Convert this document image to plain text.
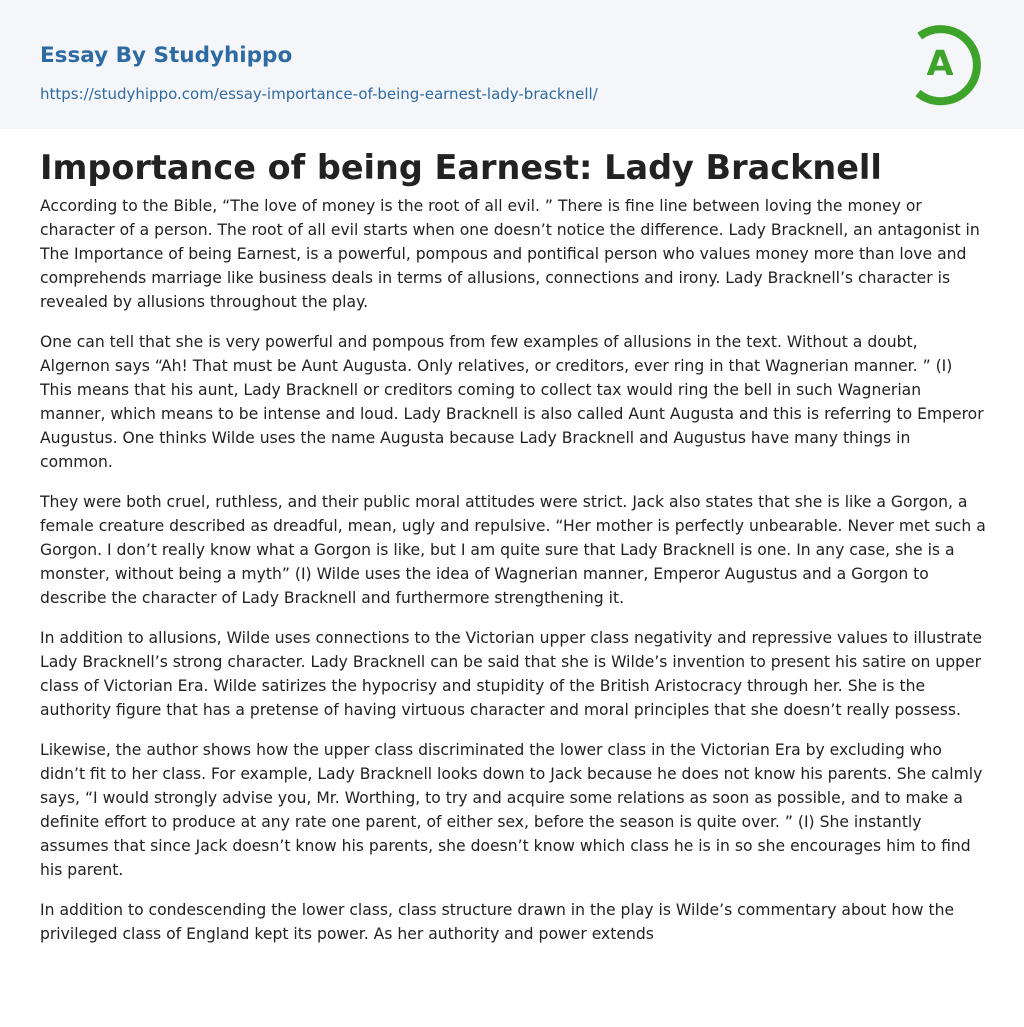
Essay By Studyhippo
https://studyhippo.com/essay-importance-of-being-earnest-lady-bracknell/
A
Importance of being Earnest: Lady Bracknell

According to the Bible, “The love of money is the root of all evil. ” There is fine line between loving the money or character of a person. The root of all evil starts when one doesn’t notice the difference. Lady Bracknell, an antagonist in The Importance of being Earnest, is a powerful, pompous and pontifical person who values money more than love and comprehends marriage like business deals in terms of allusions, connections and irony. Lady Bracknell’s character is revealed by allusions throughout the play.

One can tell that she is very powerful and pompous from few examples of allusions in the text. Without a doubt, Algernon says “Ah! That must be Aunt Augusta. Only relatives, or creditors, ever ring in that Wagnerian manner. ” (I) This means that his aunt, Lady Bracknell or creditors coming to collect tax would ring the bell in such Wagnerian manner, which means to be intense and loud. Lady Bracknell is also called Aunt Augusta and this is referring to Emperor Augustus. One thinks Wilde uses the name Augusta because Lady Bracknell and Augustus have many things in common.

They were both cruel, ruthless, and their public moral attitudes were strict. Jack also states that she is like a Gorgon, a female creature described as dreadful, mean, ugly and repulsive. “Her mother is perfectly unbearable. Never met such a Gorgon. I don’t really know what a Gorgon is like, but I am quite sure that Lady Bracknell is one. In any case, she is a monster, without being a myth” (I) Wilde uses the idea of Wagnerian manner, Emperor Augustus and a Gorgon to describe the character of Lady Bracknell and furthermore strengthening it.

In addition to allusions, Wilde uses connections to the Victorian upper class negativity and repressive values to illustrate Lady Bracknell’s strong character. Lady Bracknell can be said that she is Wilde’s invention to present his satire on upper class of Victorian Era. Wilde satirizes the hypocrisy and stupidity of the British Aristocracy through her. She is the authority figure that has a pretense of having virtuous character and moral principles that she doesn’t really possess.

Likewise, the author shows how the upper class discriminated the lower class in the Victorian Era by excluding who didn’t fit to her class. For example, Lady Bracknell looks down to Jack because he does not know his parents. She calmly says, “I would strongly advise you, Mr. Worthing, to try and acquire some relations as soon as possible, and to make a definite effort to produce at any rate one parent, of either sex, before the season is quite over. ” (I) She instantly assumes that since Jack doesn’t know his parents, she doesn’t know which class he is in so she encourages him to find his parent.

In addition to condescending the lower class, class structure drawn in the play is Wilde’s commentary about how the privileged class of England kept its power. As her authority and power extends
